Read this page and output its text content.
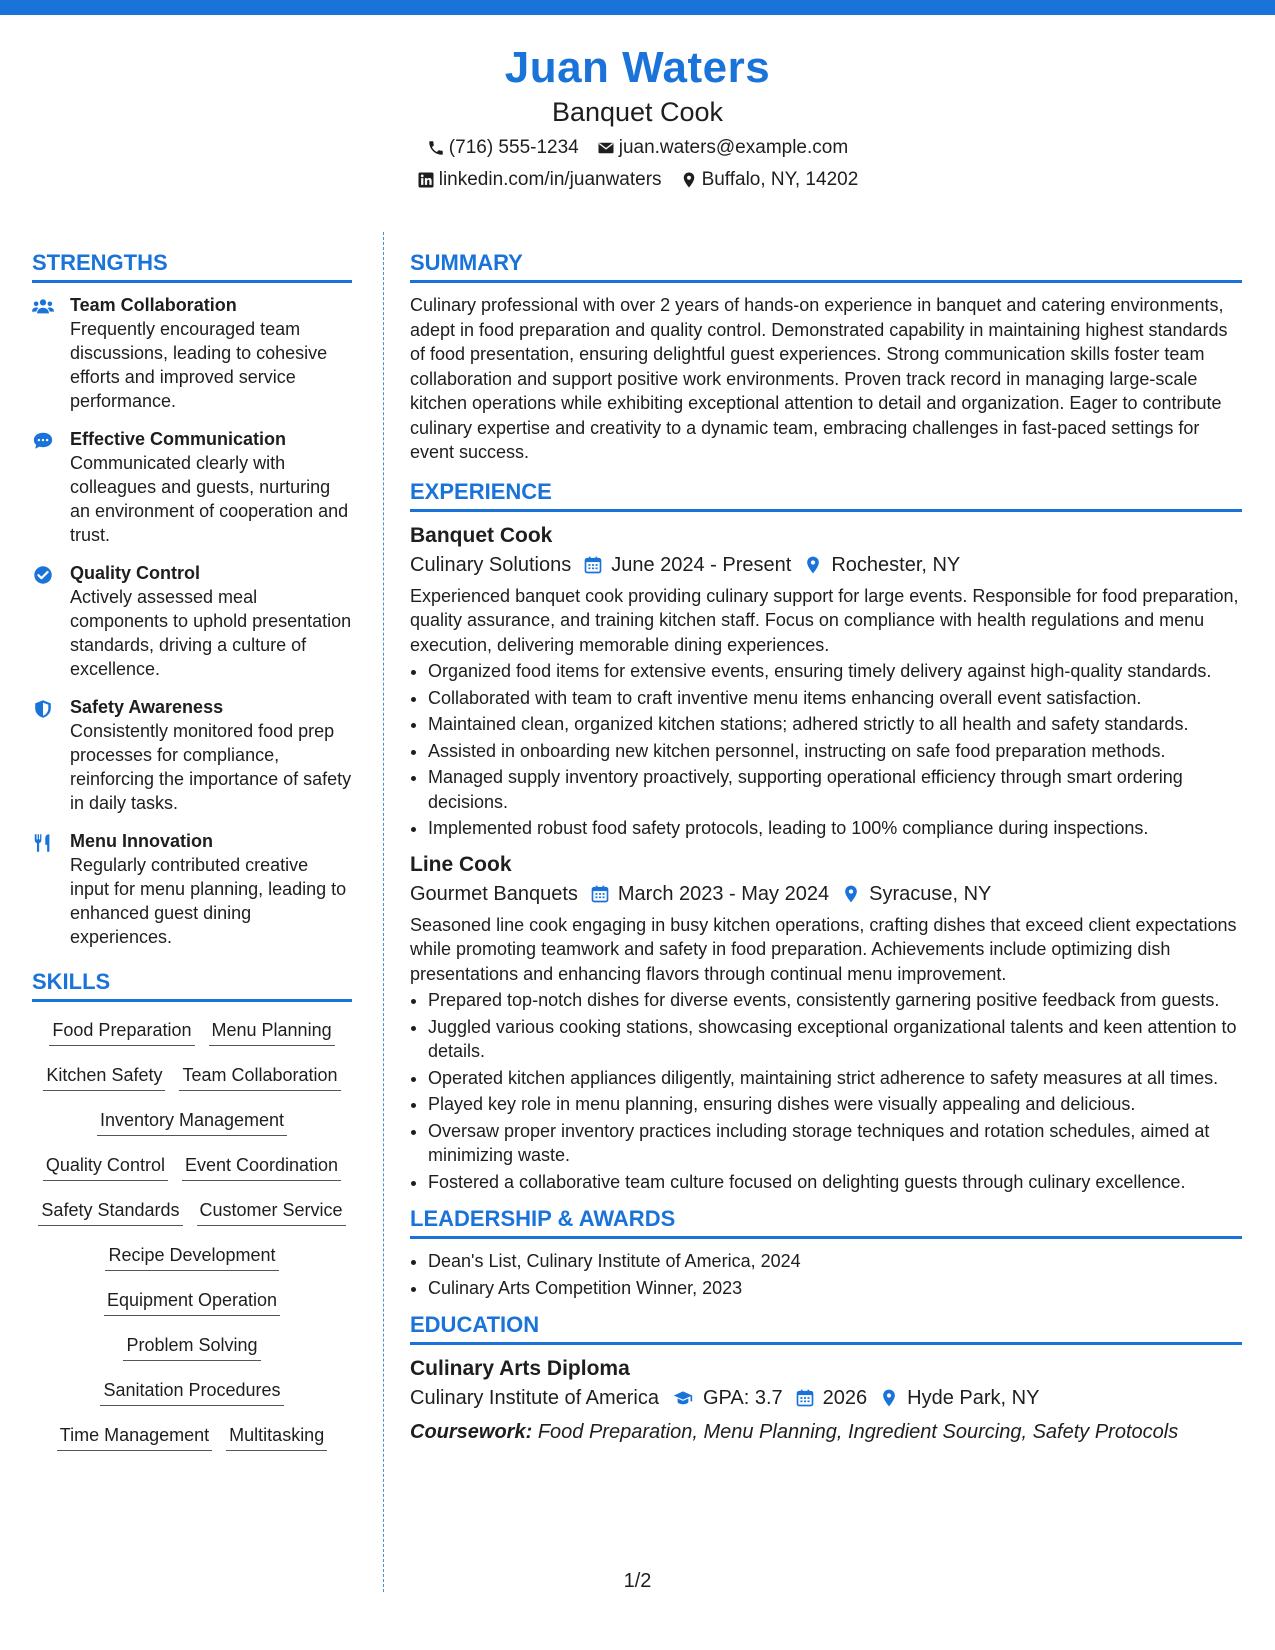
Juan Waters
Banquet Cook
(716) 555-1234 juan.waters@example.com
linkedin.com/in/juanwaters Buffalo, NY, 14202
STRENGTHS
Team Collaboration
Frequently encouraged team discussions, leading to cohesive efforts and improved service performance.
Effective Communication
Communicated clearly with colleagues and guests, nurturing an environment of cooperation and trust.
Quality Control
Actively assessed meal components to uphold presentation standards, driving a culture of excellence.
Safety Awareness
Consistently monitored food prep processes for compliance, reinforcing the importance of safety in daily tasks.
Menu Innovation
Regularly contributed creative input for menu planning, leading to enhanced guest dining experiences.
SKILLS
Food Preparation Menu Planning
Kitchen Safety Team Collaboration
Inventory Management
Quality Control Event Coordination
Safety Standards Customer Service
Recipe Development
Equipment Operation
Problem Solving
Sanitation Procedures
Time Management Multitasking
SUMMARY
Culinary professional with over 2 years of hands-on experience in banquet and catering environments, adept in food preparation and quality control. Demonstrated capability in maintaining highest standards of food presentation, ensuring delightful guest experiences. Strong communication skills foster team collaboration and support positive work environments. Proven track record in managing large-scale kitchen operations while exhibiting exceptional attention to detail and organization. Eager to contribute culinary expertise and creativity to a dynamic team, embracing challenges in fast-paced settings for event success.
EXPERIENCE
Banquet Cook
Culinary Solutions June 2024 - Present Rochester, NY
Experienced banquet cook providing culinary support for large events. Responsible for food preparation, quality assurance, and training kitchen staff. Focus on compliance with health regulations and menu execution, delivering memorable dining experiences.
• Organized food items for extensive events, ensuring timely delivery against high-quality standards.
• Collaborated with team to craft inventive menu items enhancing overall event satisfaction.
• Maintained clean, organized kitchen stations; adhered strictly to all health and safety standards.
• Assisted in onboarding new kitchen personnel, instructing on safe food preparation methods.
• Managed supply inventory proactively, supporting operational efficiency through smart ordering decisions.
• Implemented robust food safety protocols, leading to 100% compliance during inspections.
Line Cook
Gourmet Banquets March 2023 - May 2024 Syracuse, NY
Seasoned line cook engaging in busy kitchen operations, crafting dishes that exceed client expectations while promoting teamwork and safety in food preparation. Achievements include optimizing dish presentations and enhancing flavors through continual menu improvement.
• Prepared top-notch dishes for diverse events, consistently garnering positive feedback from guests.
• Juggled various cooking stations, showcasing exceptional organizational talents and keen attention to details.
• Operated kitchen appliances diligently, maintaining strict adherence to safety measures at all times.
• Played key role in menu planning, ensuring dishes were visually appealing and delicious.
• Oversaw proper inventory practices including storage techniques and rotation schedules, aimed at minimizing waste.
• Fostered a collaborative team culture focused on delighting guests through culinary excellence.
LEADERSHIP & AWARDS
• Dean's List, Culinary Institute of America, 2024
• Culinary Arts Competition Winner, 2023
EDUCATION
Culinary Arts Diploma
Culinary Institute of America GPA: 3.7 2026 Hyde Park, NY
Coursework: Food Preparation, Menu Planning, Ingredient Sourcing, Safety Protocols
1/2
